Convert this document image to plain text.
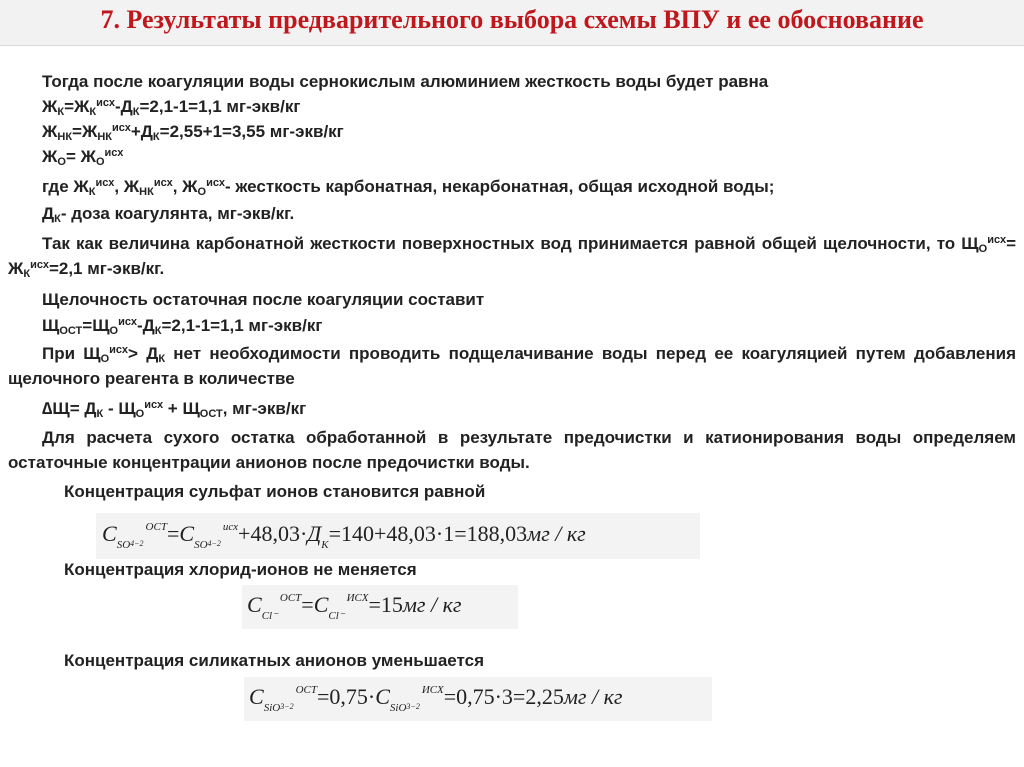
7. Результаты предварительного выбора схемы ВПУ и ее обоснование
Тогда после коагуляции воды сернокислым алюминием жесткость воды будет равна
$Ж_К=Ж_К^{исх}-Д_К=2,1-1=1,1$ мг-экв/кг
$Ж_{НК}=Ж_{НК}^{исх}+Д_К=2,55+1=3,55$ мг-экв/кг
$Ж_О= Ж_О^{исх}$
где $Ж_К^{исх}$, $Ж_{НК}^{исх}$, $Ж_О^{исх}-$ жесткость карбонатная, некарбонатная, общая исходной воды;
$Д_К-$ доза коагулянта, мг-экв/кг.
Так как величина карбонатной жесткости поверхностных вод принимается равной общей щелочности, то $Щ_О^{исх}= Ж_К^{исх}=2,1$ мг-экв/кг.
Щелочность остаточная после коагуляции составит
$Щ_{ОСТ}=Щ_О^{исх}-Д_К=2,1-1=1,1$ мг-экв/кг
При $Щ_О^{исх}> Д_К$ нет необходимости проводить подщелачивание воды перед ее коагуляцией путем добавления щелочного реагента в количестве
$\Delta Щ= Д_К - Щ_О^{исх} + Щ_{ОСТ}$, мг-экв/кг
Для расчета сухого остатка обработанной в результате предочистки и катионирования воды определяем остаточные концентрации анионов после предочистки воды.
Концентрация сульфат ионов становится равной
$C_{SO4-2}^{ОСТ}=C_{SO4-2}^{исх}+48,03\cdot Д_К=140+48,03\cdot 1=188,03мг$ / кг
Концентрация хлорид-ионов не меняется
$C_{Cl^-}^{ОСТ}=C_{Cl^-}^{ИСХ}=15мг$ / кг
Концентрация силикатных анионов уменьшается
$C_{SiO3-2}^{ОСТ}=0,75\cdot C_{SiO3-2}^{ИСХ}=0,75\cdot 3=2,25мг$ / кг
